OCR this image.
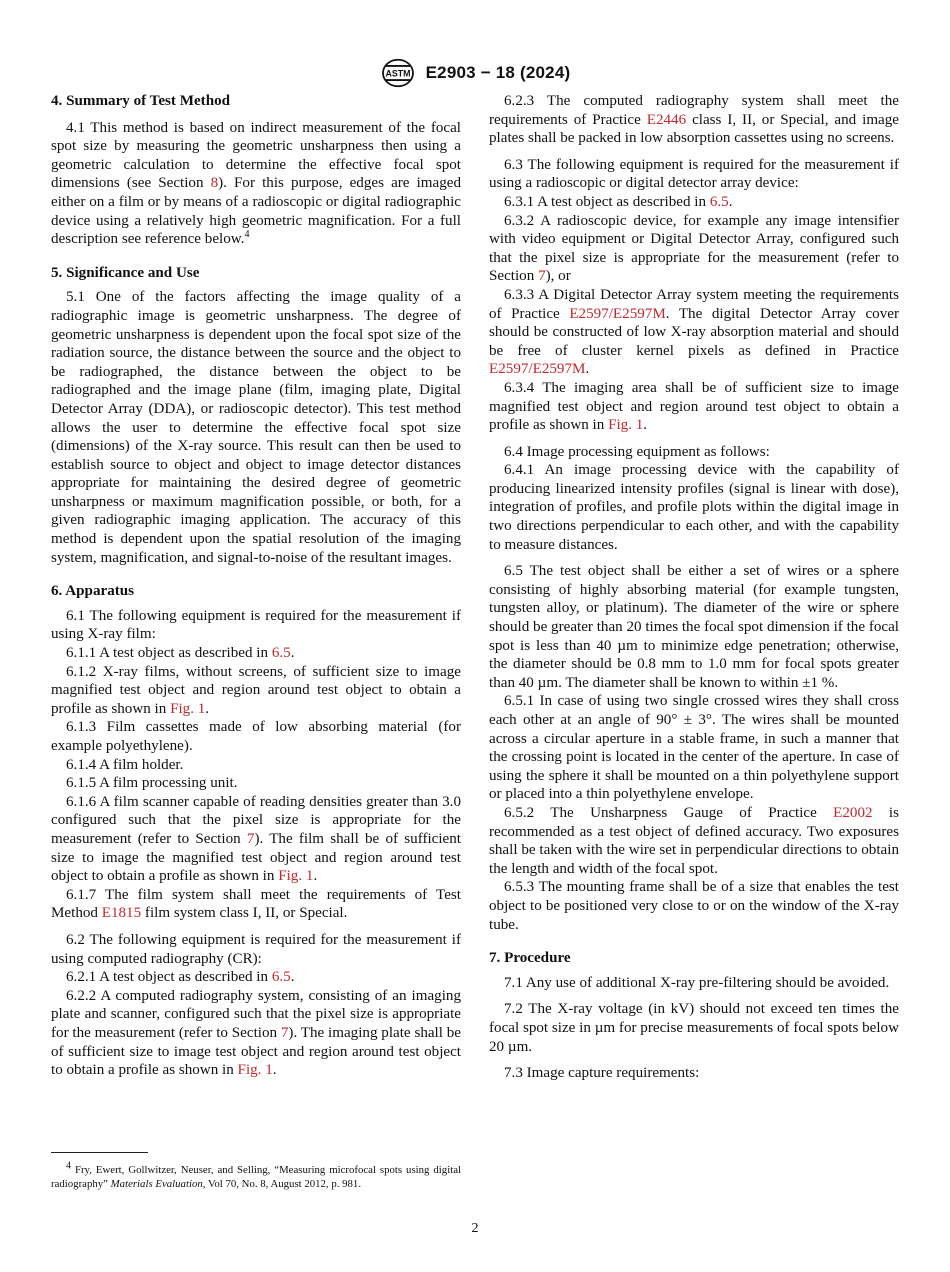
ASTM E2903 − 18 (2024)
4. Summary of Test Method

4.1 This method is based on indirect measurement of the focal spot size by measuring the geometric unsharpness then using a geometric calculation to determine the effective focal spot dimensions (see Section 8). For this purpose, edges are imaged either on a film or by means of a radioscopic or digital radiographic device using a relatively high geometric magnification. For a full description see reference below.$^4$

5. Significance and Use

5.1 One of the factors affecting the image quality of a radiographic image is geometric unsharpness. The degree of geometric unsharpness is dependent upon the focal spot size of the radiation source, the distance between the source and the object to be radiographed, the distance between the object to be radiographed and the image plane (film, imaging plate, Digital Detector Array (DDA), or radioscopic detector). This test method allows the user to determine the effective focal spot size (dimensions) of the X-ray source. This result can then be used to establish source to object and object to image detector distances appropriate for maintaining the desired degree of geometric unsharpness or maximum magnification possible, or both, for a given radiographic imaging application. The accuracy of this method is dependent upon the spatial resolution of the imaging system, magnification, and signal-to-noise of the resultant images.

6. Apparatus

6.1 The following equipment is required for the measurement if using X-ray film:

6.1.1 A test object as described in 6.5.

6.1.2 X-ray films, without screens, of sufficient size to image magnified test object and region around test object to obtain a profile as shown in Fig. 1.

6.1.3 Film cassettes made of low absorbing material (for example polyethylene).

6.1.4 A film holder.

6.1.5 A film processing unit.

6.1.6 A film scanner capable of reading densities greater than 3.0 configured such that the pixel size is appropriate for the measurement (refer to Section 7). The film shall be of sufficient size to image the magnified test object and region around test object to obtain a profile as shown in Fig. 1.

6.1.7 The film system shall meet the requirements of Test Method E1815 film system class I, II, or Special.

6.2 The following equipment is required for the measurement if using computed radiography (CR):

6.2.1 A test object as described in 6.5.

6.2.2 A computed radiography system, consisting of an imaging plate and scanner, configured such that the pixel size is appropriate for the measurement (refer to Section 7). The imaging plate shall be of sufficient size to image test object and region around test object to obtain a profile as shown in Fig. 1.

6.2.3 The computed radiography system shall meet the requirements of Practice E2446 class I, II, or Special, and image plates shall be packed in low absorption cassettes using no screens.

6.3 The following equipment is required for the measurement if using a radioscopic or digital detector array device:

6.3.1 A test object as described in 6.5.

6.3.2 A radioscopic device, for example any image intensifier with video equipment or Digital Detector Array, configured such that the pixel size is appropriate for the measurement (refer to Section 7), or

6.3.3 A Digital Detector Array system meeting the requirements of Practice E2597/E2597M. The digital Detector Array cover should be constructed of low X-ray absorption material and should be free of cluster kernel pixels as defined in Practice E2597/E2597M.

6.3.4 The imaging area shall be of sufficient size to image magnified test object and region around test object to obtain a profile as shown in Fig. 1.

6.4 Image processing equipment as follows:

6.4.1 An image processing device with the capability of producing linearized intensity profiles (signal is linear with dose), integration of profiles, and profile plots within the digital image in two directions perpendicular to each other, and with the capability to measure distances.

6.5 The test object shall be either a set of wires or a sphere consisting of highly absorbing material (for example tungsten, tungsten alloy, or platinum). The diameter of the wire or sphere should be greater than 20 times the focal spot dimension if the focal spot is less than 40 µm to minimize edge penetration; otherwise, the diameter should be 0.8 mm to 1.0 mm for focal spots greater than 40 µm. The diameter shall be known to within ±1 %.

6.5.1 In case of using two single crossed wires they shall cross each other at an angle of 90° ± 3°. The wires shall be mounted across a circular aperture in a stable frame, in such a manner that the crossing point is located in the center of the aperture. In case of using the sphere it shall be mounted on a thin polyethylene support or placed into a thin polyethylene envelope.

6.5.2 The Unsharpness Gauge of Practice E2002 is recommended as a test object of defined accuracy. Two exposures shall be taken with the wire set in perpendicular directions to obtain the length and width of the focal spot.

6.5.3 The mounting frame shall be of a size that enables the test object to be positioned very close to or on the window of the X-ray tube.

7. Procedure

7.1 Any use of additional X-ray pre-filtering should be avoided.

7.2 The X-ray voltage (in kV) should not exceed ten times the focal spot size in µm for precise measurements of focal spots below 20 µm.

7.3 Image capture requirements:

$^4$ Fry, Ewert, Gollwitzer, Neuser, and Selling, “Measuring microfocal spots using digital radiography” Materials Evaluation, Vol 70, No. 8, August 2012, p. 981.
2
